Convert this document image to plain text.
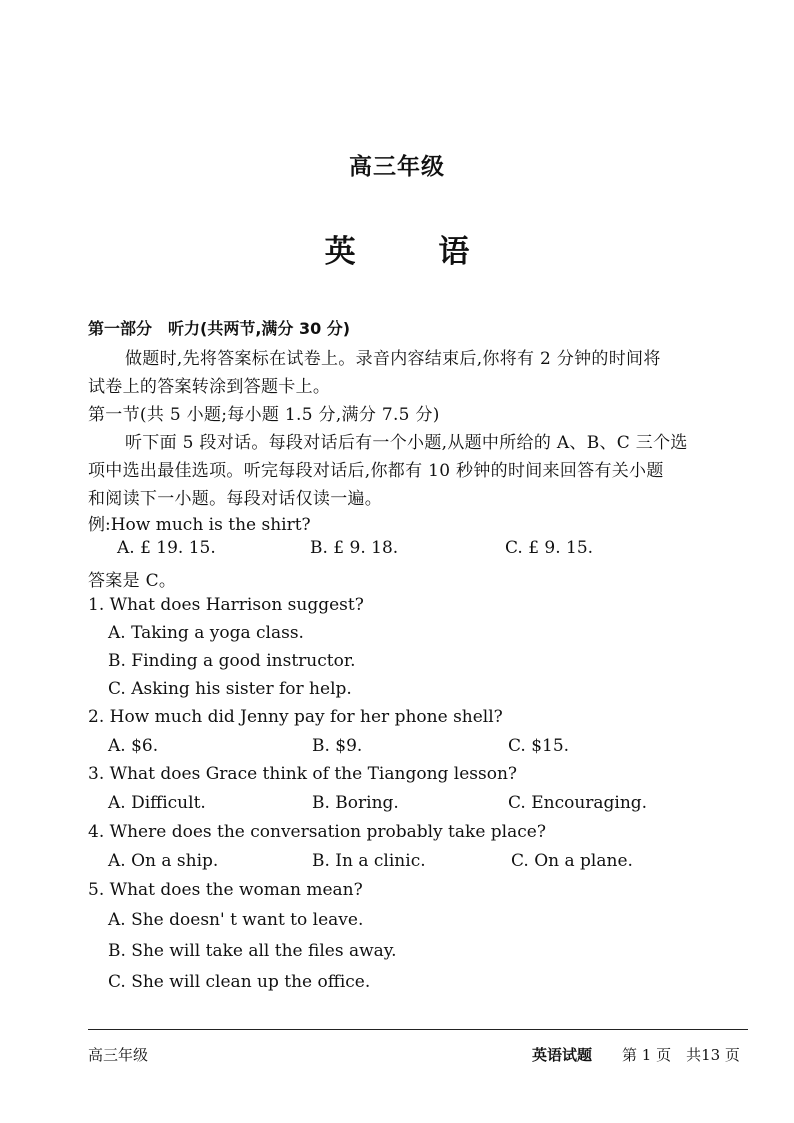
高三年级
英 语
第一部分　听力(共两节,满分 30 分)
做题时,先将答案标在试卷上。录音内容结束后,你将有 2 分钟的时间将
试卷上的答案转涂到答题卡上。
第一节(共 5 小题;每小题 1.5 分,满分 7.5 分)
听下面 5 段对话。每段对话后有一个小题,从题中所给的 A、B、C 三个选
项中选出最佳选项。听完每段对话后,你都有 10 秒钟的时间来回答有关小题
和阅读下一小题。每段对话仅读一遍。
例:How much is the shirt?
A. £ 19. 15.	B. £ 9. 18.	C. £ 9. 15.
答案是 C。
1. What does Harrison suggest?
A. Taking a yoga class.
B. Finding a good instructor.
C. Asking his sister for help.
2. How much did Jenny pay for her phone shell?
A. $6.	B. $9.	C. $15.
3. What does Grace think of the Tiangong lesson?
A. Difficult.	B. Boring.	C. Encouraging.
4. Where does the conversation probably take place?
A. On a ship.	B. In a clinic.	C. On a plane.
5. What does the woman mean?
A. She doesn' t want to leave.
B. She will take all the files away.
C. She will clean up the office.
高三年级	英语试题 第 1 页　共13 页
